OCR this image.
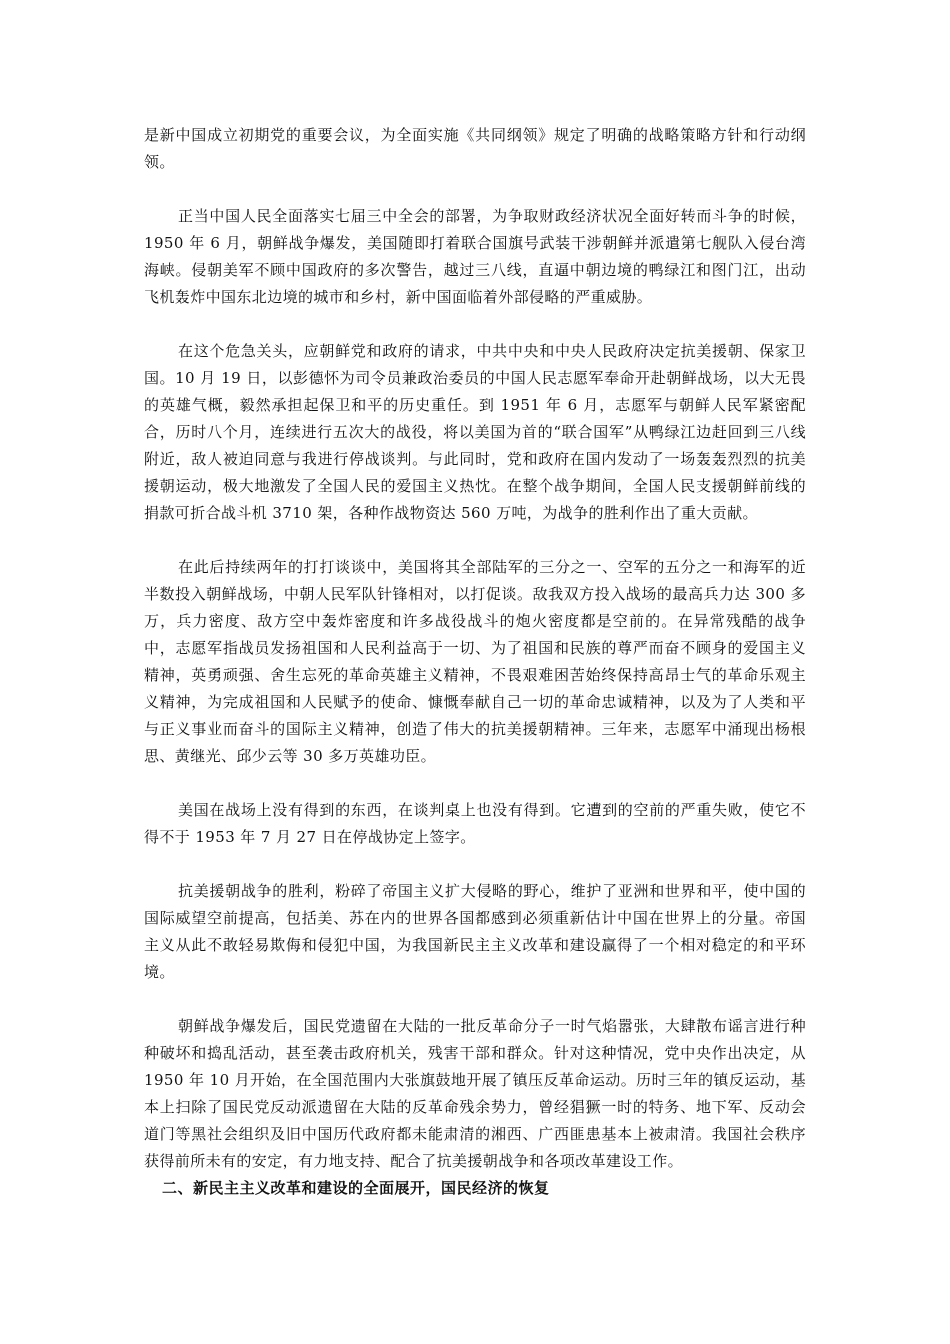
是新中国成立初期党的重要会议，为全面实施《共同纲领》规定了明确的战略策略方针和行动纲领。

正当中国人民全面落实七届三中全会的部署，为争取财政经济状况全面好转而斗争的时候，1950 年 6 月，朝鲜战争爆发，美国随即打着联合国旗号武装干涉朝鲜并派遣第七舰队入侵台湾海峡。侵朝美军不顾中国政府的多次警告，越过三八线，直逼中朝边境的鸭绿江和图门江，出动飞机轰炸中国东北边境的城市和乡村，新中国面临着外部侵略的严重威胁。

在这个危急关头，应朝鲜党和政府的请求，中共中央和中央人民政府决定抗美援朝、保家卫国。10 月 19 日，以彭德怀为司令员兼政治委员的中国人民志愿军奉命开赴朝鲜战场，以大无畏的英雄气概，毅然承担起保卫和平的历史重任。到 1951 年 6 月，志愿军与朝鲜人民军紧密配合，历时八个月，连续进行五次大的战役，将以美国为首的“联合国军”从鸭绿江边赶回到三八线附近，敌人被迫同意与我进行停战谈判。与此同时，党和政府在国内发动了一场轰轰烈烈的抗美援朝运动，极大地激发了全国人民的爱国主义热忱。在整个战争期间，全国人民支援朝鲜前线的捐款可折合战斗机 3710 架，各种作战物资达 560 万吨，为战争的胜利作出了重大贡献。

在此后持续两年的打打谈谈中，美国将其全部陆军的三分之一、空军的五分之一和海军的近半数投入朝鲜战场，中朝人民军队针锋相对，以打促谈。敌我双方投入战场的最高兵力达 300 多万，兵力密度、敌方空中轰炸密度和许多战役战斗的炮火密度都是空前的。在异常残酷的战争中，志愿军指战员发扬祖国和人民利益高于一切、为了祖国和民族的尊严而奋不顾身的爱国主义精神，英勇顽强、舍生忘死的革命英雄主义精神，不畏艰难困苦始终保持高昂士气的革命乐观主义精神，为完成祖国和人民赋予的使命、慷慨奉献自己一切的革命忠诚精神，以及为了人类和平与正义事业而奋斗的国际主义精神，创造了伟大的抗美援朝精神。三年来，志愿军中涌现出杨根思、黄继光、邱少云等 30 多万英雄功臣。

美国在战场上没有得到的东西，在谈判桌上也没有得到。它遭到的空前的严重失败，使它不得不于 1953 年 7 月 27 日在停战协定上签字。

抗美援朝战争的胜利，粉碎了帝国主义扩大侵略的野心，维护了亚洲和世界和平，使中国的国际威望空前提高，包括美、苏在内的世界各国都感到必须重新估计中国在世界上的分量。帝国主义从此不敢轻易欺侮和侵犯中国，为我国新民主主义改革和建设赢得了一个相对稳定的和平环境。

朝鲜战争爆发后，国民党遗留在大陆的一批反革命分子一时气焰嚣张，大肆散布谣言进行种种破坏和捣乱活动，甚至袭击政府机关，残害干部和群众。针对这种情况，党中央作出决定，从 1950 年 10 月开始，在全国范围内大张旗鼓地开展了镇压反革命运动。历时三年的镇反运动，基本上扫除了国民党反动派遗留在大陆的反革命残余势力，曾经猖獗一时的特务、地下军、反动会道门等黑社会组织及旧中国历代政府都未能肃清的湘西、广西匪患基本上被肃清。我国社会秩序获得前所未有的安定，有力地支持、配合了抗美援朝战争和各项改革建设工作。

二、新民主主义改革和建设的全面展开，国民经济的恢复
